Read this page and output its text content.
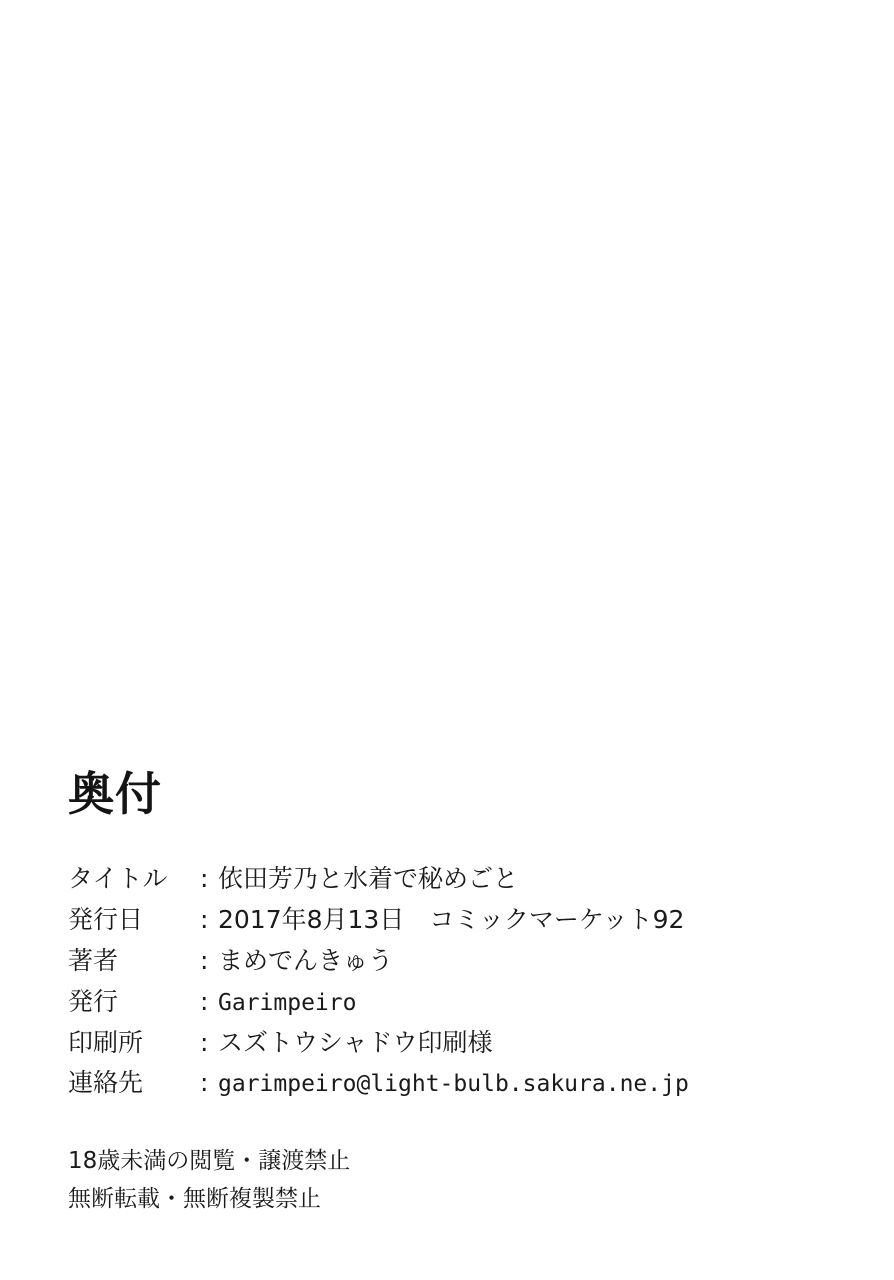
奥付
タイトル	:	依田芳乃と水着で秘めごと
発行日	:	2017年8月13日　コミックマーケット92
著者	:	まめでんきゅう
発行	:	Garimpeiro
印刷所	:	スズトウシャドウ印刷様
連絡先	:	garimpeiro@light-bulb.sakura.ne.jp
18歳未満の閲覧・譲渡禁止
無断転載・無断複製禁止
